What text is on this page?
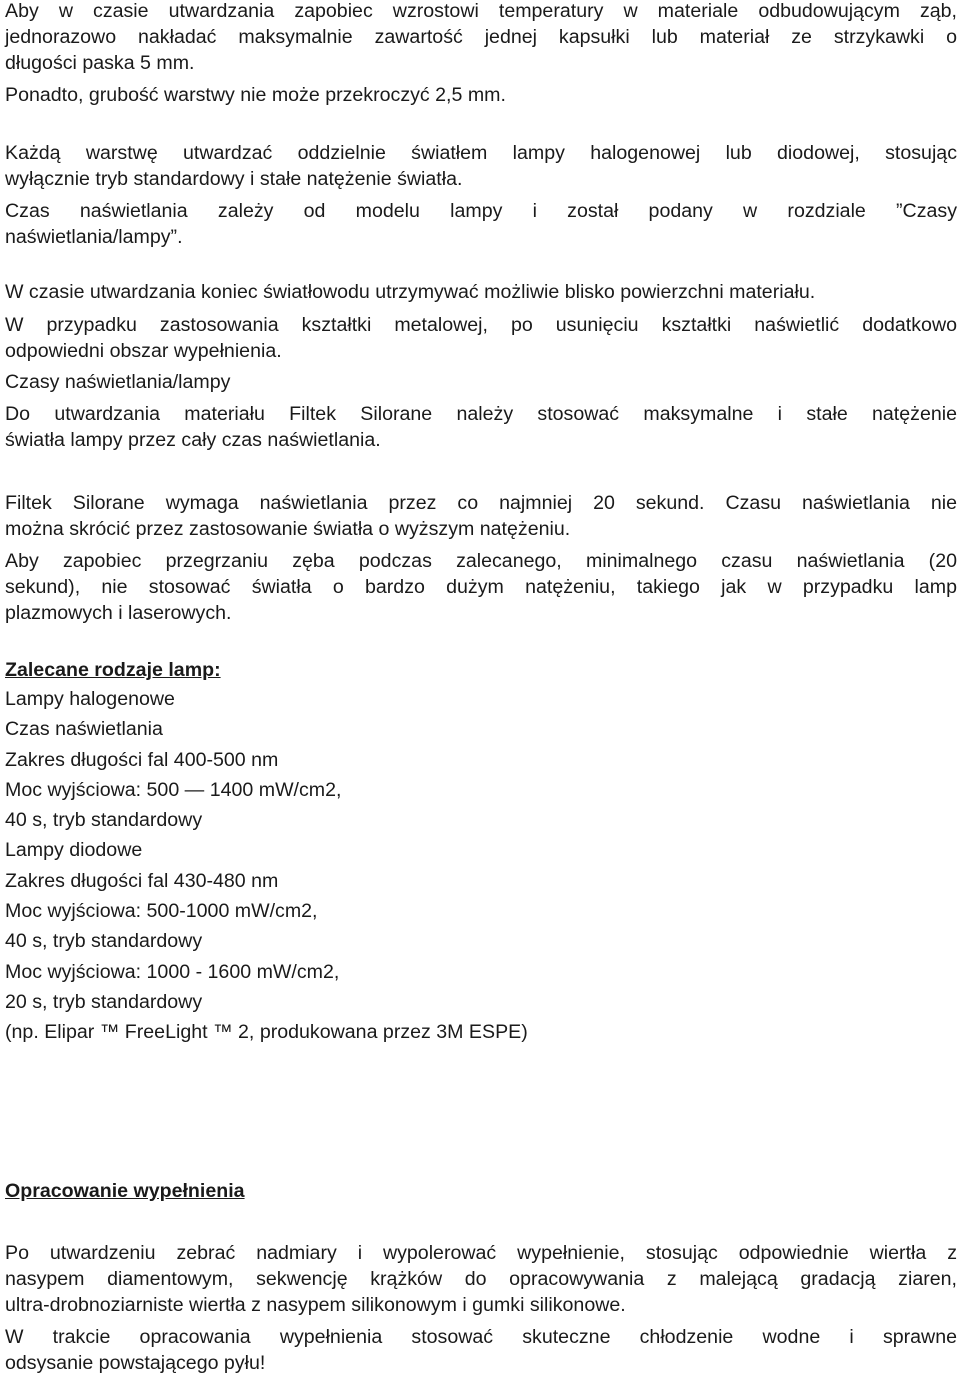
Aby w czasie utwardzania zapobiec wzrostowi temperatury w materiale odbudowującym ząb,
jednorazowo nakładać maksymalnie zawartość jednej kapsułki lub materiał ze strzykawki o
długości paska 5 mm.
Ponadto, grubość warstwy nie może przekroczyć 2,5 mm.
Każdą warstwę utwardzać oddzielnie światłem lampy halogenowej lub diodowej, stosując
wyłącznie tryb standardowy i stałe natężenie światła.
Czas naświetlania zależy od modelu lampy i został podany w rozdziale ”Czasy
naświetlania/lampy”.
W czasie utwardzania koniec światłowodu utrzymywać możliwie blisko powierzchni materiału.
W przypadku zastosowania kształtki metalowej, po usunięciu kształtki naświetlić dodatkowo
odpowiedni obszar wypełnienia.
Czasy naświetlania/lampy
Do utwardzania materiału Filtek Silorane należy stosować maksymalne i stałe natężenie
światła lampy przez cały czas naświetlania.
Filtek Silorane wymaga naświetlania przez co najmniej 20 sekund. Czasu naświetlania nie
można skrócić przez zastosowanie światła o wyższym natężeniu.
Aby zapobiec przegrzaniu zęba podczas zalecanego, minimalnego czasu naświetlania (20
sekund), nie stosować światła o bardzo dużym natężeniu, takiego jak w przypadku lamp
plazmowych i laserowych.
Zalecane rodzaje lamp:
Lampy halogenowe
Czas naświetlania
Zakres długości fal 400-500 nm
Moc wyjściowa: 500 ― 1400 mW/cm2,
40 s, tryb standardowy
Lampy diodowe
Zakres długości fal 430-480 nm
Moc wyjściowa: 500-1000 mW/cm2,
40 s, tryb standardowy
Moc wyjściowa: 1000 - 1600 mW/cm2,
20 s, tryb standardowy
(np. Elipar ™ FreeLight ™ 2, produkowana przez 3M ESPE)
Opracowanie wypełnienia
Po utwardzeniu zebrać nadmiary i wypolerować wypełnienie, stosując odpowiednie wiertła z
nasypem diamentowym, sekwencję krążków do opracowywania z malejącą gradacją ziaren,
ultra-drobnoziarniste wiertła z nasypem silikonowym i gumki silikonowe.
W trakcie opracowania wypełnienia stosować skuteczne chłodzenie wodne i sprawne
odsysanie powstającego pyłu!
